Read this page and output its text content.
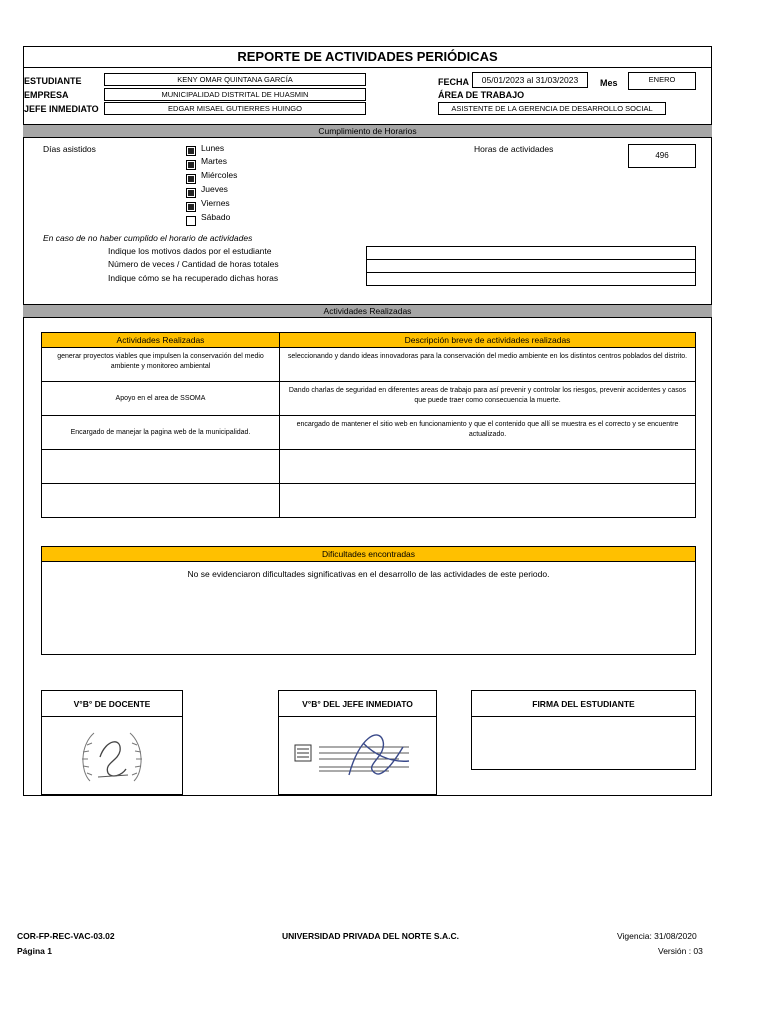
REPORTE DE ACTIVIDADES PERIÓDICAS
ESTUDIANTE	KENY OMAR QUINTANA GARCÍA
EMPRESA	MUNICIPALIDAD DISTRITAL DE HUASMIN
JEFE INMEDIATO	EDGAR MISAEL GUTIERRES HUINGO
FECHA	05/01/2023 al 31/03/2023	Mes	ENERO
ÁREA DE TRABAJO
ASISTENTE DE LA GERENCIA DE DESARROLLO SOCIAL
Cumplimiento de Horarios
Días asistidos	Lunes
Martes
Miércoles
Jueves
Viernes
Sábado
Horas de actividades
496
En caso de no haber cumplido el horario de actividades
Indique los motivos dados por el estudiante
Número de veces / Cantidad de horas totales
Indique cómo se ha recuperado dichas horas
Actividades Realizadas
Actividades Realizadas	Descripción breve de actividades realizadas
generar proyectos viables que impulsen la conservación del medio ambiente y monitoreo ambiental	seleccionando y dando ideas innovadoras para la conservación del medio ambiente en los distintos centros poblados del distrito.
Apoyo en el area de SSOMA	Dando charlas de seguridad en diferentes areas de trabajo para así prevenir y controlar los riesgos, prevenir accidentes y casos que puede traer como consecuencia la muerte.
Encargado de manejar la pagina web de la municipalidad.	encargado de mantener el sitio web en funcionamiento y que el contenido que allí se muestra es el correcto y se encuentre actualizado.

Dificultades encontradas
No se evidenciaron dificultades significativas en el desarrollo de las actividades de este periodo.
V°B° DE DOCENTE	V°B° DEL JEFE INMEDIATO	FIRMA DEL ESTUDIANTE
COR-FP-REC-VAC-03.02
Página 1
UNIVERSIDAD PRIVADA DEL NORTE S.A.C.	Vigencia: 31/08/2020
Versión : 03
